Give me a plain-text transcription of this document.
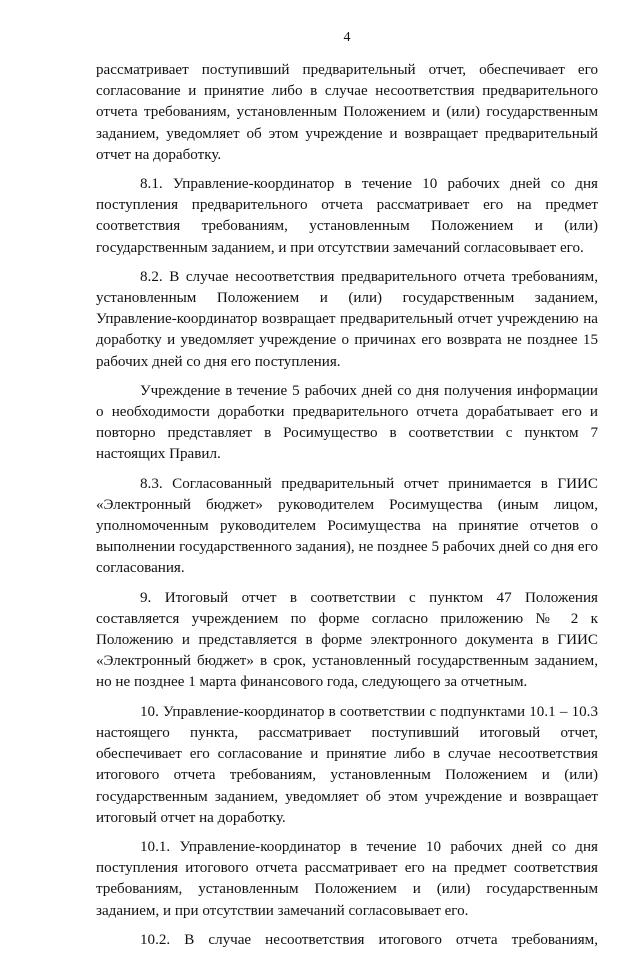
4

рассматривает поступивший предварительный отчет, обеспечивает его согласование и принятие либо в случае несоответствия предварительного отчета требованиям, установленным Положением и (или) государственным заданием, уведомляет об этом учреждение и возвращает предварительный отчет на доработку.

8.1. Управление-координатор в течение 10 рабочих дней со дня поступления предварительного отчета рассматривает его на предмет соответствия требованиям, установленным Положением и (или) государственным заданием, и при отсутствии замечаний согласовывает его.

8.2. В случае несоответствия предварительного отчета требованиям, установленным Положением и (или) государственным заданием, Управление-координатор возвращает предварительный отчет учреждению на доработку и уведомляет учреждение о причинах его возврата не позднее 15 рабочих дней со дня его поступления.

Учреждение в течение 5 рабочих дней со дня получения информации о необходимости доработки предварительного отчета дорабатывает его и повторно представляет в Росимущество в соответствии с пунктом 7 настоящих Правил.

8.3. Согласованный предварительный отчет принимается в ГИИС «Электронный бюджет» руководителем Росимущества (иным лицом, уполномоченным руководителем Росимущества на принятие отчетов о выполнении государственного задания), не позднее 5 рабочих дней со дня его согласования.

9. Итоговый отчет в соответствии с пунктом 47 Положения составляется учреждением по форме согласно приложению № 2 к Положению и представляется в форме электронного документа в ГИИС «Электронный бюджет» в срок, установленный государственным заданием, но не позднее 1 марта финансового года, следующего за отчетным.

10. Управление-координатор в соответствии с подпунктами 10.1 – 10.3 настоящего пункта, рассматривает поступивший итоговый отчет, обеспечивает его согласование и принятие либо в случае несоответствия итогового отчета требованиям, установленным Положением и (или) государственным заданием, уведомляет об этом учреждение и возвращает итоговый отчет на доработку.

10.1. Управление-координатор в течение 10 рабочих дней со дня поступления итогового отчета рассматривает его на предмет соответствия требованиям, установленным Положением и (или) государственным заданием, и при отсутствии замечаний согласовывает его.

10.2. В случае несоответствия итогового отчета требованиям,
